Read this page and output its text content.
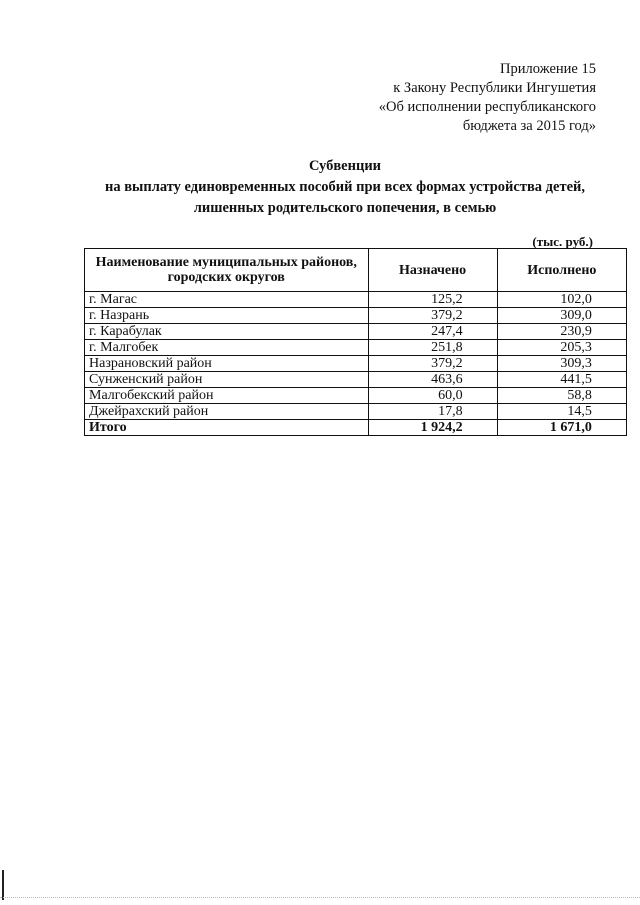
Приложение 15
к Закону Республики Ингушетия
«Об исполнении республиканского
бюджета за 2015 год»
Субвенции
на выплату единовременных пособий при всех формах устройства детей,
лишенных родительского попечения, в семью
(тыс. руб.)
Наименование муниципальных районов, городских округов	Назначено	Исполнено
г. Магас	125,2	102,0
г. Назрань	379,2	309,0
г. Карабулак	247,4	230,9
г. Малгобек	251,8	205,3
Назрановский район	379,2	309,3
Сунженский район	463,6	441,5
Малгобекский район	60,0	58,8
Джейрахский район	17,8	14,5
Итого	1 924,2	1 671,0
